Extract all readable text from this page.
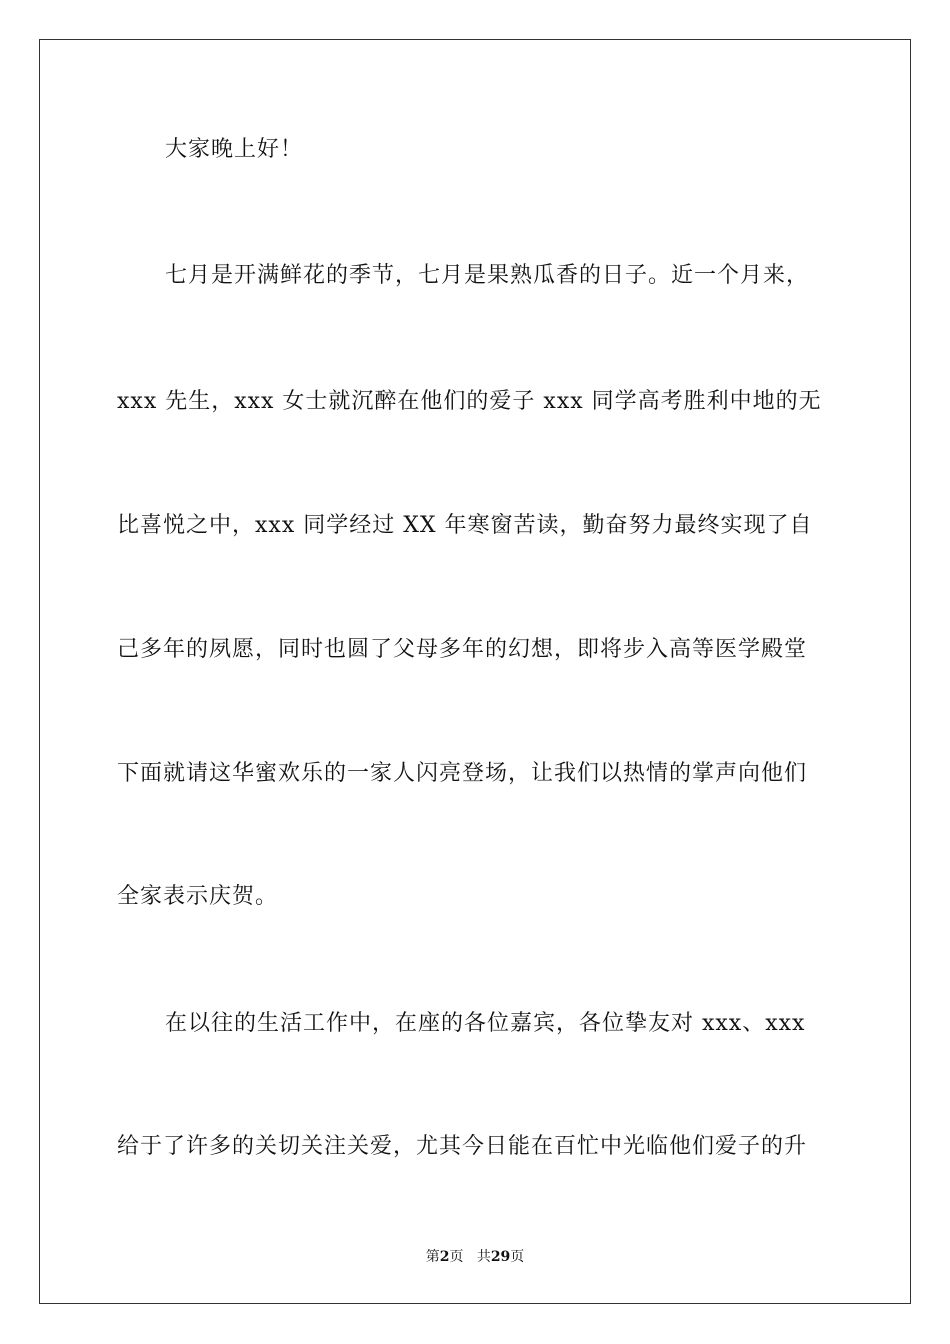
大家晚上好！
七月是开满鲜花的季节，七月是果熟瓜香的日子。近一个月来，
xxx 先生，xxx 女士就沉醉在他们的爱子 xxx 同学高考胜利中地的无
比喜悦之中，xxx 同学经过 XX 年寒窗苦读，勤奋努力最终实现了自
己多年的夙愿，同时也圆了父母多年的幻想，即将步入高等医学殿堂
下面就请这华蜜欢乐的一家人闪亮登场，让我们以热情的掌声向他们
全家表示庆贺。
在以往的生活工作中，在座的各位嘉宾，各位挚友对 xxx、xxx
给于了许多的关切关注关爱，尤其今日能在百忙中光临他们爱子的升
第2页 共29页
